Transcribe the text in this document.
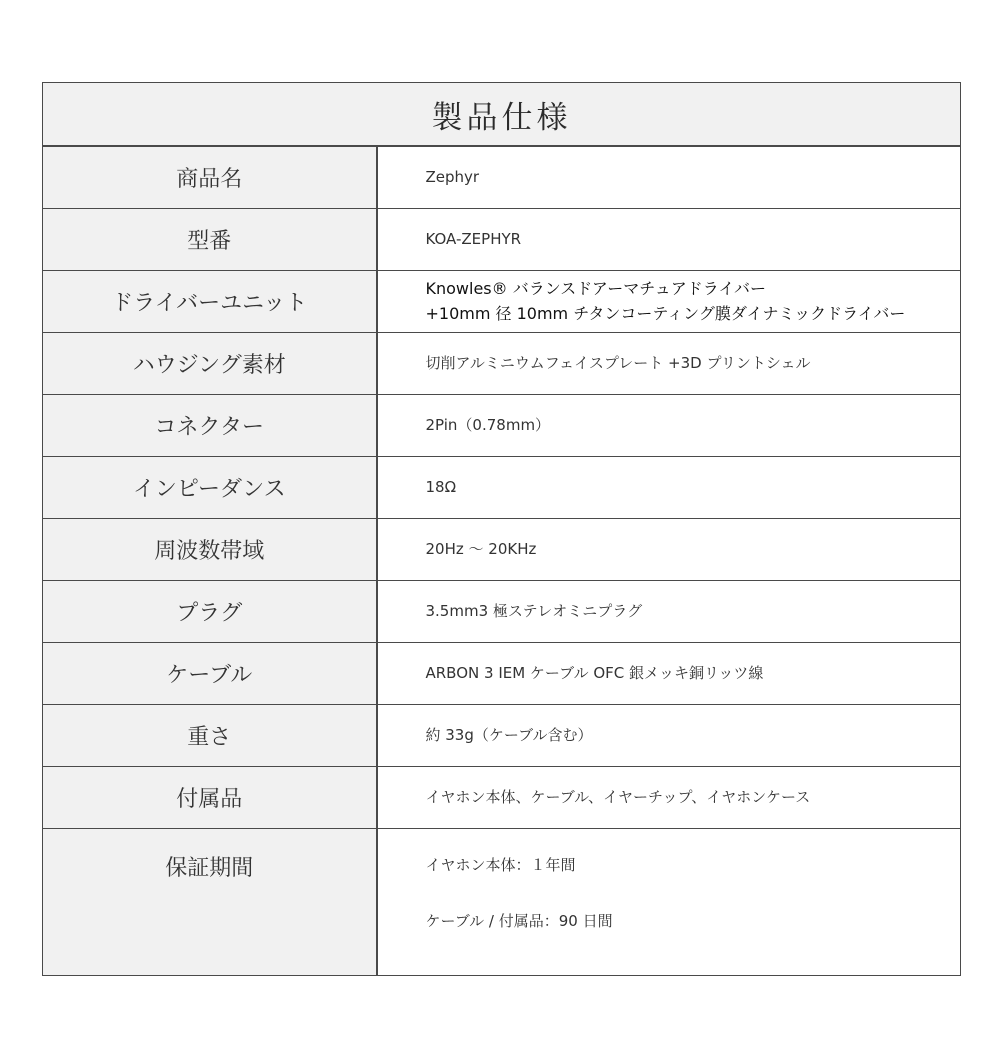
製品仕様	
商品名	Zephyr
型番	KOA-ZEPHYR
ドライバーユニット	Knowles® バランスドアーマチュアドライバー
+10mm 径 10mm チタンコーティング膜ダイナミックドライバー

ハウジング素材	切削アルミニウムフェイスプレート +3D プリントシェル
コネクター	2Pin（0.78mm）
インピーダンス	18Ω
周波数帯域	20Hz ～ 20KHz
プラグ	3.5mm3 極ステレオミニプラグ
ケーブル	ARBON 3 IEM ケーブル OFC 銀メッキ銅リッツ線
重さ	約 33g（ケーブル含む）
付属品	イヤホン本体、ケーブル、イヤーチップ、イヤホンケース
保証期間	イヤホン本体：１年間
ケーブル / 付属品：90 日間
